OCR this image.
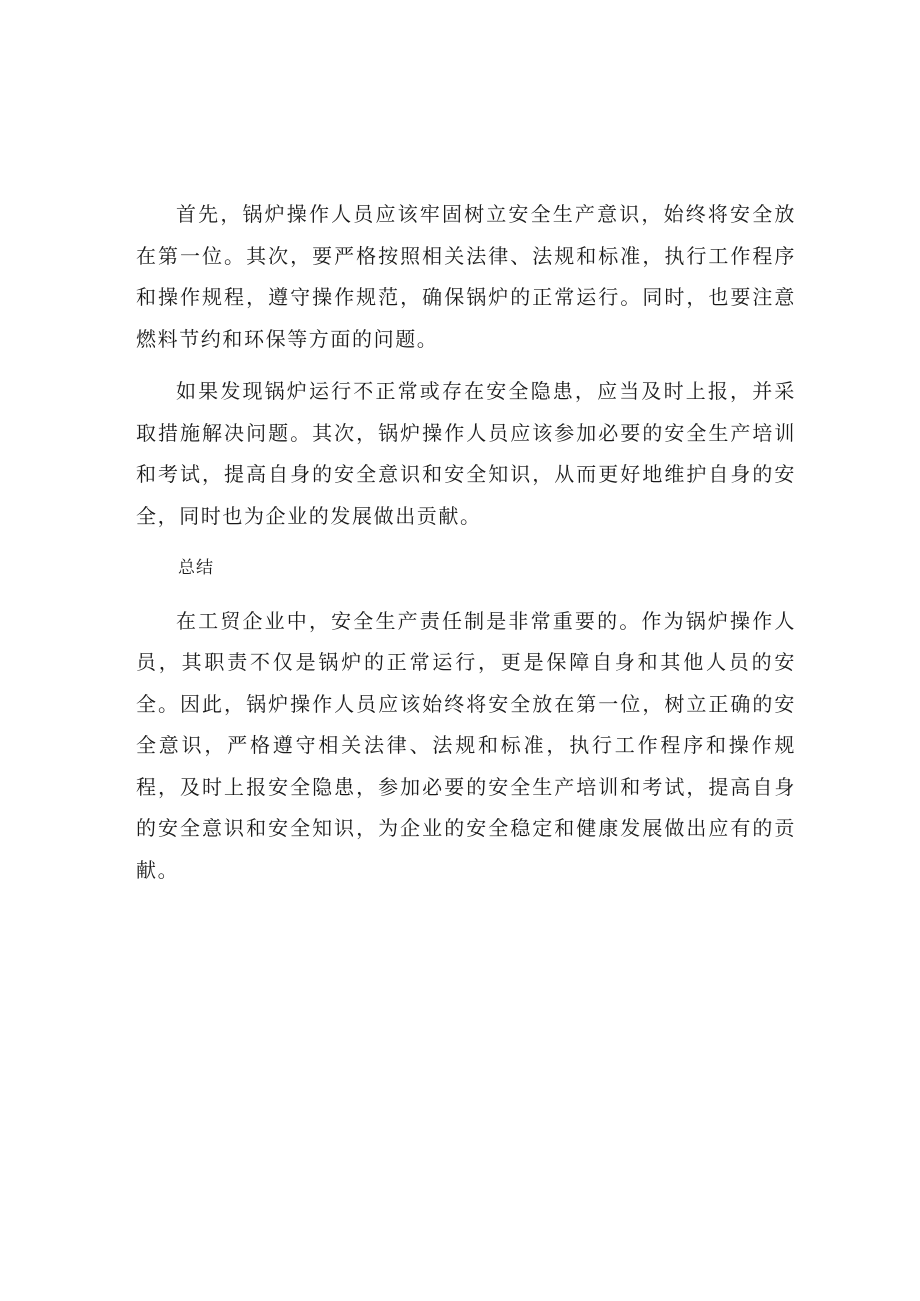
首先，锅炉操作人员应该牢固树立安全生产意识，始终将安全放在第一位。其次，要严格按照相关法律、法规和标准，执行工作程序和操作规程，遵守操作规范，确保锅炉的正常运行。同时，也要注意燃料节约和环保等方面的问题。

如果发现锅炉运行不正常或存在安全隐患，应当及时上报，并采取措施解决问题。其次，锅炉操作人员应该参加必要的安全生产培训和考试，提高自身的安全意识和安全知识，从而更好地维护自身的安全，同时也为企业的发展做出贡献。

总结

在工贸企业中，安全生产责任制是非常重要的。作为锅炉操作人员，其职责不仅是锅炉的正常运行，更是保障自身和其他人员的安全。因此，锅炉操作人员应该始终将安全放在第一位，树立正确的安全意识，严格遵守相关法律、法规和标准，执行工作程序和操作规程，及时上报安全隐患，参加必要的安全生产培训和考试，提高自身的安全意识和安全知识，为企业的安全稳定和健康发展做出应有的贡献。
